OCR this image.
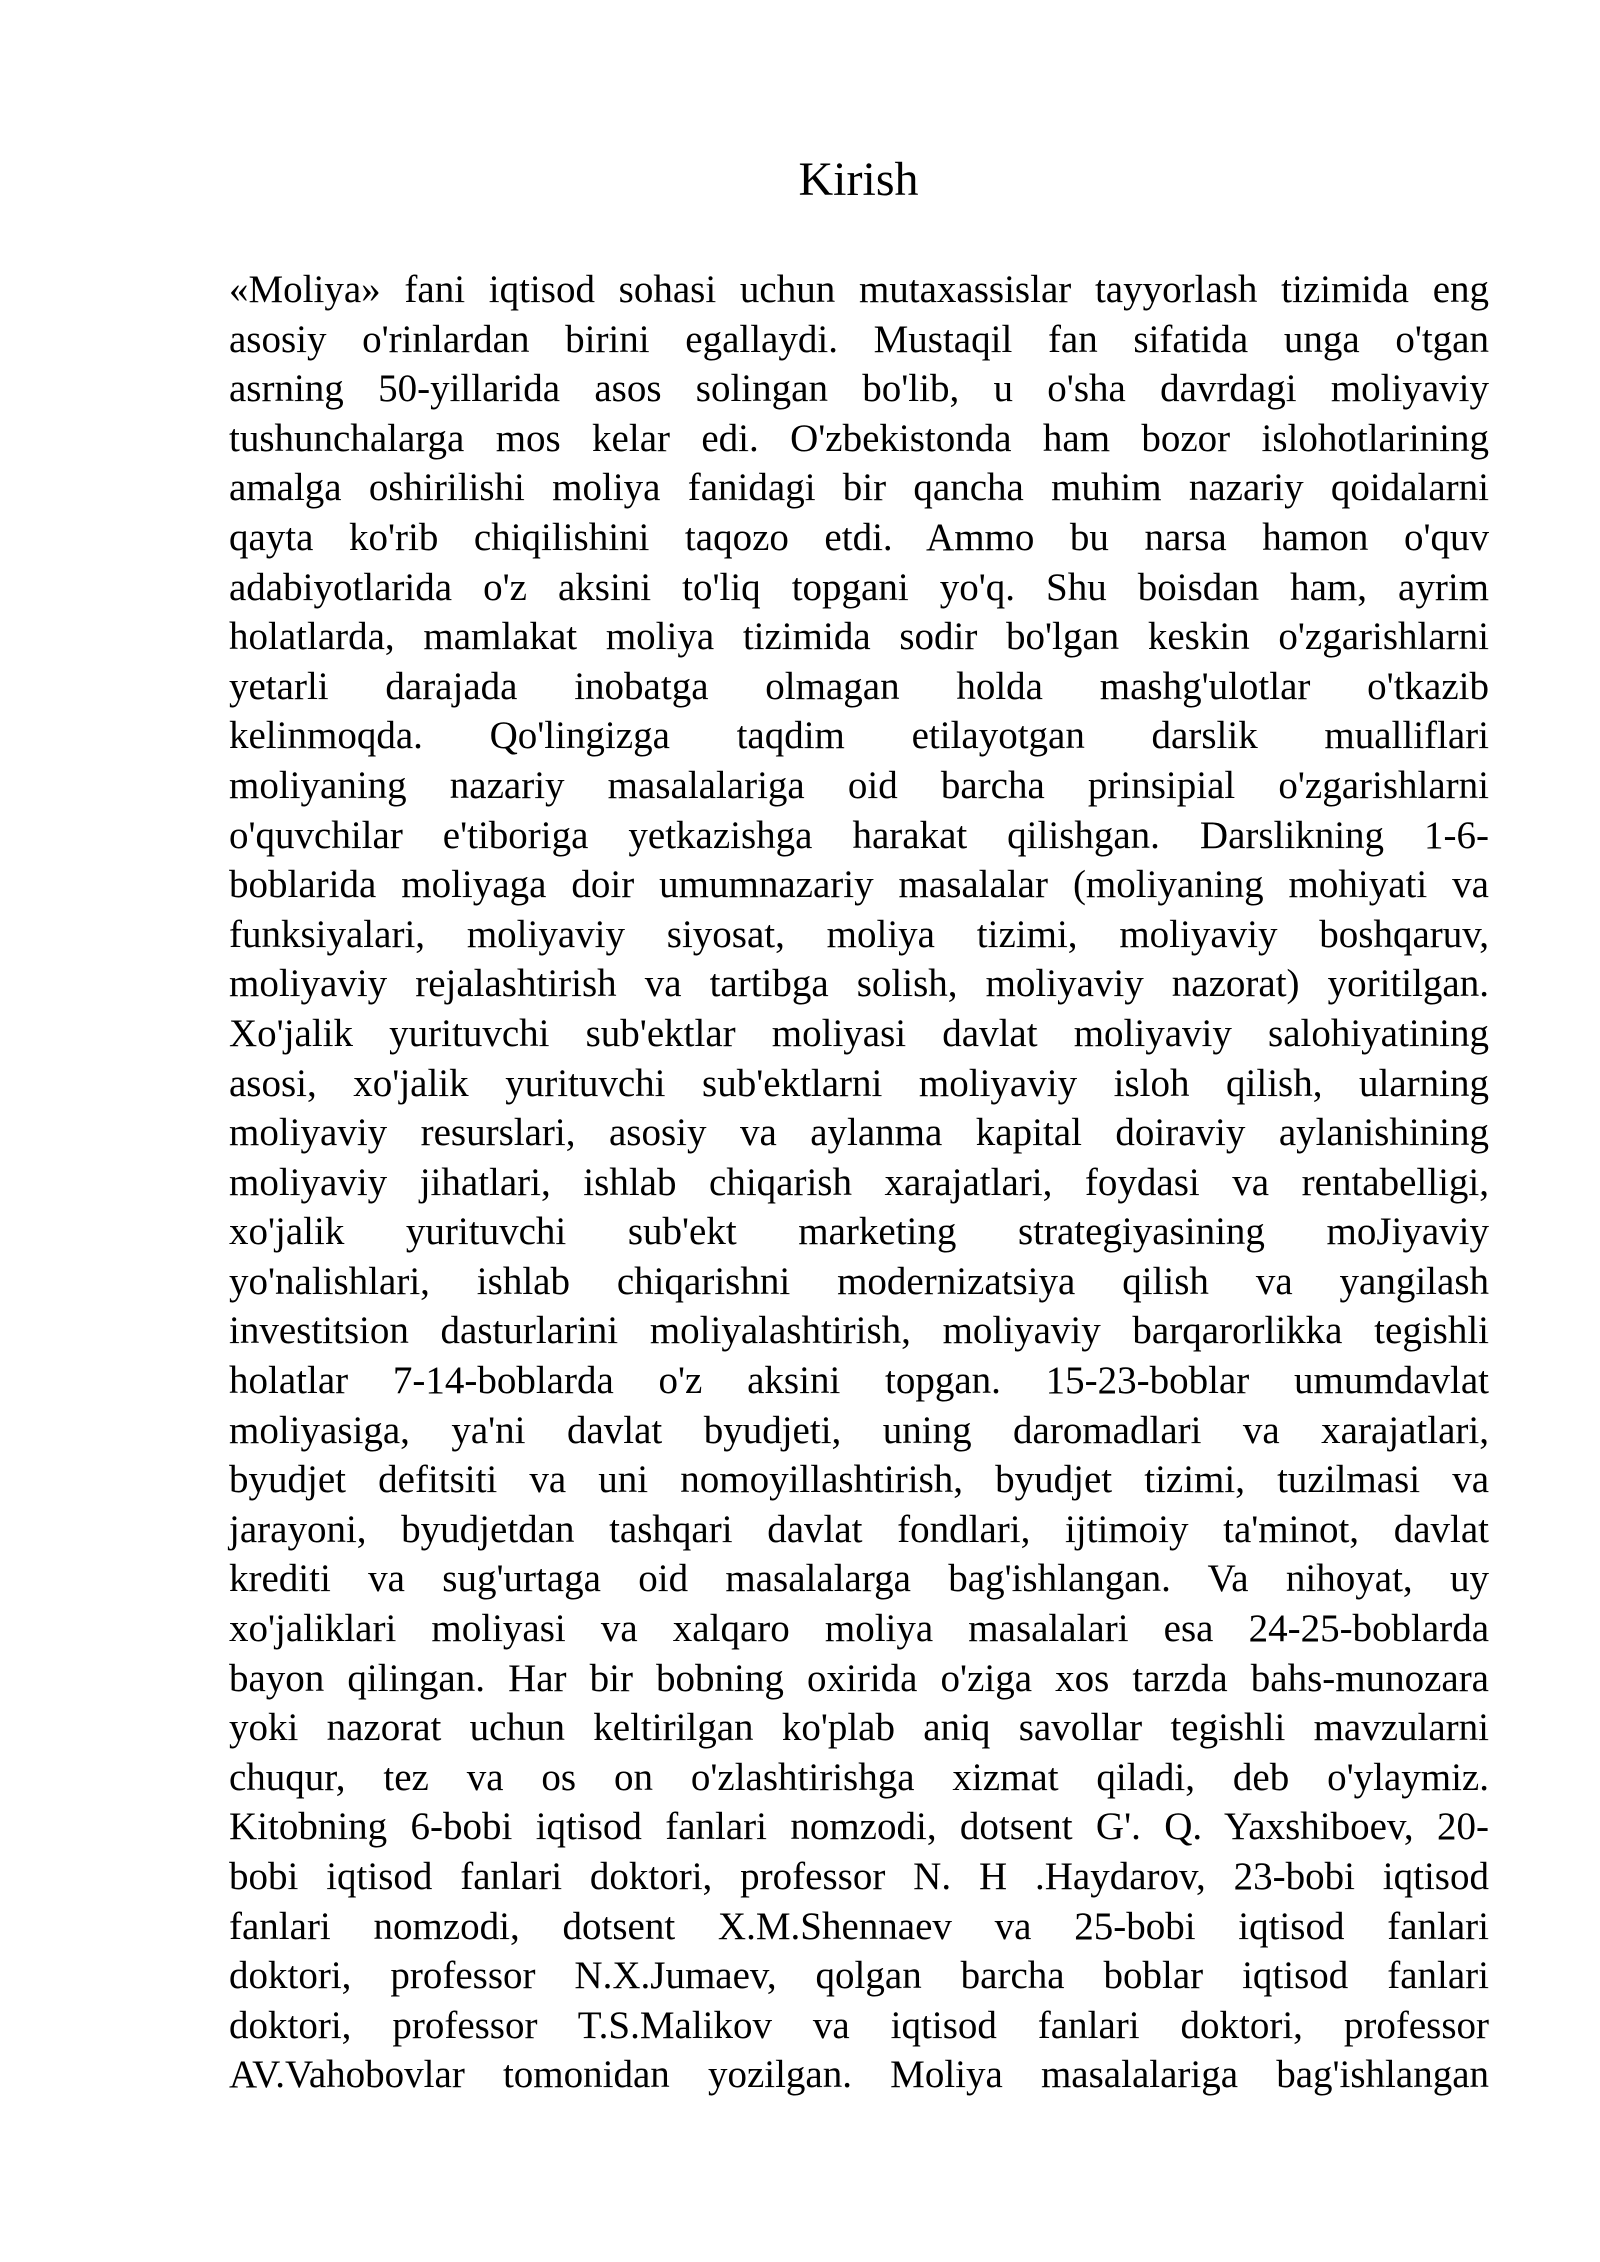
Kirish
«Moliya» fani iqtisod sohasi uchun mutaxassislar tayyorlash tizimida eng
asosiy o'rinlardan birini egallaydi. Mustaqil fan sifatida unga o'tgan
asrning 50-yillarida asos solingan bo'lib, u o'sha davrdagi moliyaviy
tushunchalarga mos kelar edi. O'zbekistonda ham bozor islohotlarining
amalga oshirilishi moliya fanidagi bir qancha muhim nazariy qoidalarni
qayta ko'rib chiqilishini taqozo etdi. Ammo bu narsa hamon o'quv
adabiyotlarida o'z aksini to'liq topgani yo'q. Shu boisdan ham, ayrim
holatlarda, mamlakat moliya tizimida sodir bo'lgan keskin o'zgarishlarni
yetarli darajada inobatga olmagan holda mashg'ulotlar o'tkazib
kelinmoqda. Qo'lingizga taqdim etilayotgan darslik mualliflari
moliyaning nazariy masalalariga oid barcha prinsipial o'zgarishlarni
o'quvchilar e'tiboriga yetkazishga harakat qilishgan. Darslikning 1-6-
boblarida moliyaga doir umumnazariy masalalar (moliyaning mohiyati va
funksiyalari, moliyaviy siyosat, moliya tizimi, moliyaviy boshqaruv,
moliyaviy rejalashtirish va tartibga solish, moliyaviy nazorat) yoritilgan.
Xo'jalik yurituvchi sub'ektlar moliyasi davlat moliyaviy salohiyatining
asosi, xo'jalik yurituvchi sub'ektlarni moliyaviy isloh qilish, ularning
moliyaviy resurslari, asosiy va aylanma kapital doiraviy aylanishining
moliyaviy jihatlari, ishlab chiqarish xarajatlari, foydasi va rentabelligi,
xo'jalik yurituvchi sub'ekt marketing strategiyasining moJiyaviy
yo'nalishlari, ishlab chiqarishni modernizatsiya qilish va yangilash
investitsion dasturlarini moliyalashtirish, moliyaviy barqarorlikka tegishli
holatlar 7-14-boblarda o'z aksini topgan. 15-23-boblar umumdavlat
moliyasiga, ya'ni davlat byudjeti, uning daromadlari va xarajatlari,
byudjet defitsiti va uni nomoyillashtirish, byudjet tizimi, tuzilmasi va
jarayoni, byudjetdan tashqari davlat fondlari, ijtimoiy ta'minot, davlat
krediti va sug'urtaga oid masalalarga bag'ishlangan. Va nihoyat, uy
xo'jaliklari moliyasi va xalqaro moliya masalalari esa 24-25-boblarda
bayon qilingan. Har bir bobning oxirida o'ziga xos tarzda bahs-munozara
yoki nazorat uchun keltirilgan ko'plab aniq savollar tegishli mavzularni
chuqur, tez va os on o'zlashtirishga xizmat qiladi, deb o'ylaymiz.
Kitobning 6-bobi iqtisod fanlari nomzodi, dotsent G'. Q. Yaxshiboev, 20-
bobi iqtisod fanlari doktori, professor N. H .Haydarov, 23-bobi iqtisod
fanlari nomzodi, dotsent X.M.Shennaev va 25-bobi iqtisod fanlari
doktori, professor N.X.Jumaev, qolgan barcha boblar iqtisod fanlari
doktori, professor T.S.Malikov va iqtisod fanlari doktori, professor
AV.Vahobovlar tomonidan yozilgan. Moliya masalalariga bag'ishlangan
